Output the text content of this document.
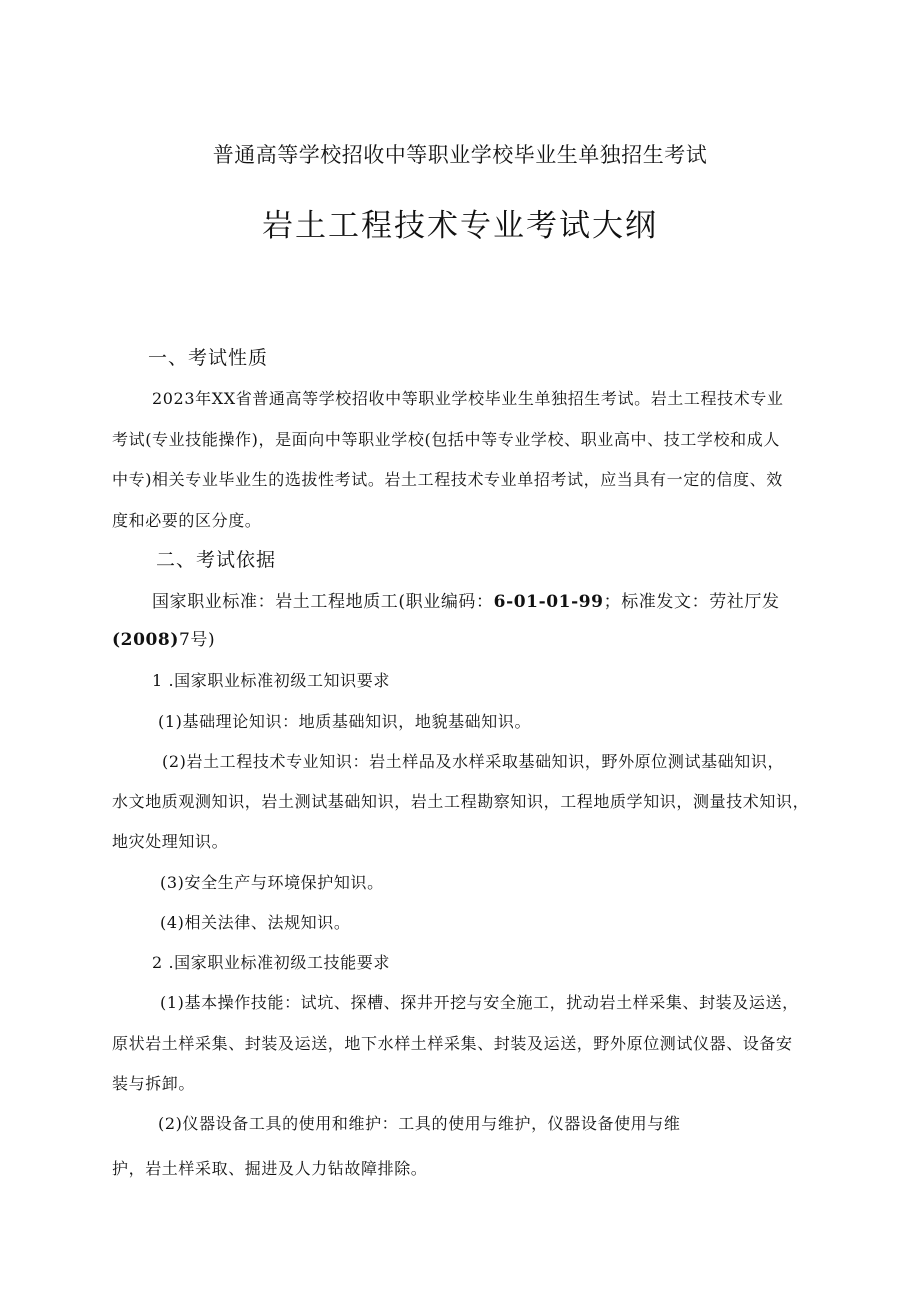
普通高等学校招收中等职业学校毕业生单独招生考试
岩土工程技术专业考试大纲
一、考试性质
2023年XX省普通高等学校招收中等职业学校毕业生单独招生考试。岩土工程技术专业
考试(专业技能操作)，是面向中等职业学校(包括中等专业学校、职业高中、技工学校和成人
中专)相关专业毕业生的选拔性考试。岩土工程技术专业单招考试，应当具有一定的信度、效
度和必要的区分度。
二、考试依据
国家职业标准：岩土工程地质工(职业编码：6-01-01-99；标准发文：劳社厅发
(2008)7号)
1 .国家职业标准初级工知识要求
(1)基础理论知识：地质基础知识，地貌基础知识。
(2)岩土工程技术专业知识：岩土样品及水样采取基础知识，野外原位测试基础知识，
水文地质观测知识，岩土测试基础知识，岩土工程勘察知识，工程地质学知识，测量技术知识，
地灾处理知识。
(3)安全生产与环境保护知识。
(4)相关法律、法规知识。
2 .国家职业标准初级工技能要求
(1)基本操作技能：试坑、探槽、探井开挖与安全施工，扰动岩土样采集、封装及运送，
原状岩土样采集、封装及运送，地下水样土样采集、封装及运送，野外原位测试仪器、设备安
装与拆卸。
(2)仪器设备工具的使用和维护：工具的使用与维护，仪器设备使用与维
护，岩土样采取、掘进及人力钻故障排除。
